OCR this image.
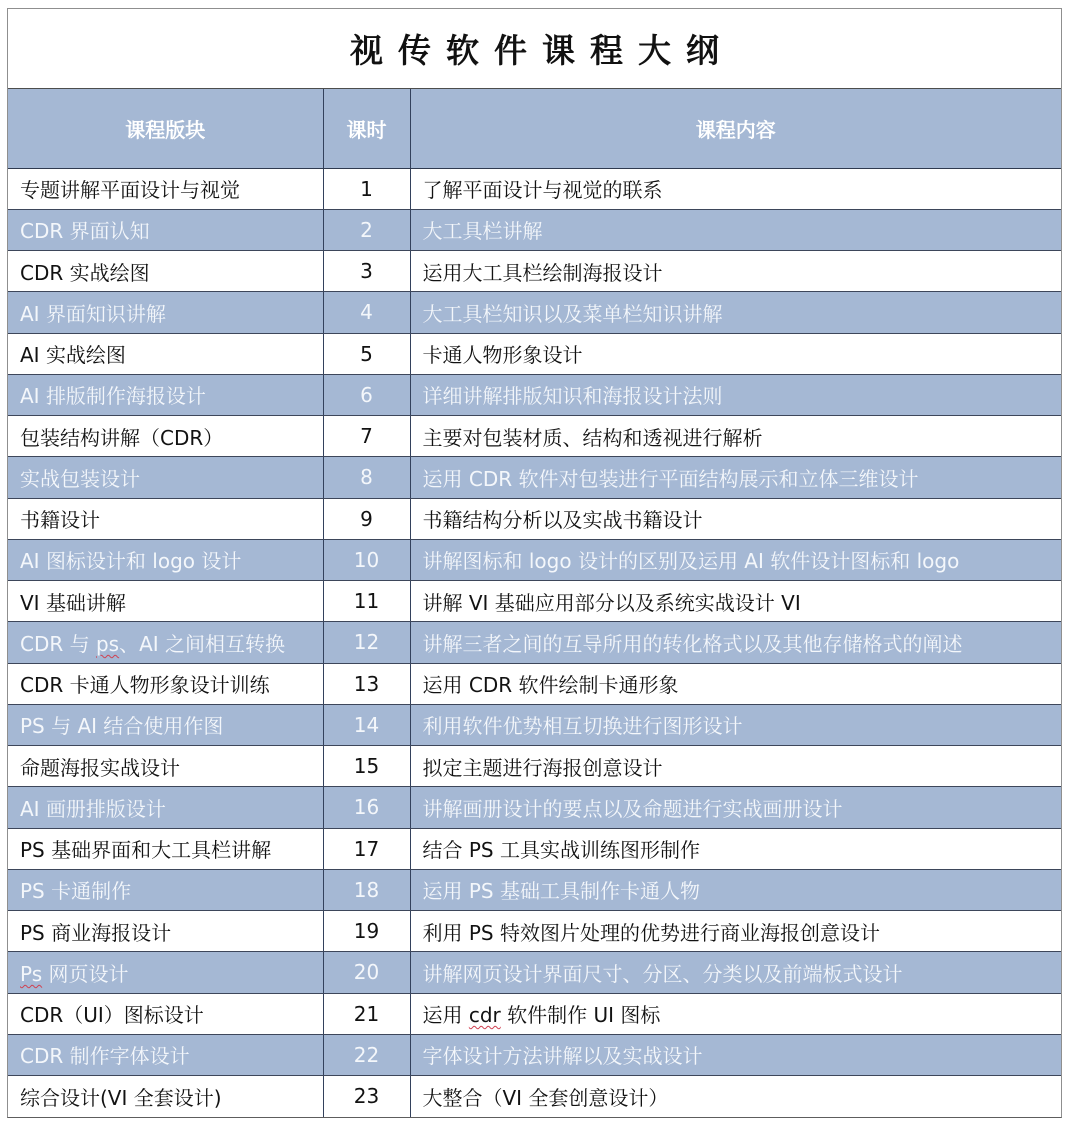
视传软件课程大纲
课程版块	课时	课程内容
专题讲解平面设计与视觉	1	了解平面设计与视觉的联系
CDR 界面认知	2	大工具栏讲解
CDR 实战绘图	3	运用大工具栏绘制海报设计
AI 界面知识讲解	4	大工具栏知识以及菜单栏知识讲解
AI 实战绘图	5	卡通人物形象设计
AI 排版制作海报设计	6	详细讲解排版知识和海报设计法则
包装结构讲解（CDR）	7	主要对包装材质、结构和透视进行解析
实战包装设计	8	运用 CDR 软件对包装进行平面结构展示和立体三维设计
书籍设计	9	书籍结构分析以及实战书籍设计
AI 图标设计和 logo 设计	10	讲解图标和 logo 设计的区别及运用 AI 软件设计图标和 logo
VI 基础讲解	11	讲解 VI 基础应用部分以及系统实战设计 VI
CDR 与 ps、AI 之间相互转换	12	讲解三者之间的互导所用的转化格式以及其他存储格式的阐述
CDR 卡通人物形象设计训练	13	运用 CDR 软件绘制卡通形象
PS 与 AI 结合使用作图	14	利用软件优势相互切换进行图形设计
命题海报实战设计	15	拟定主题进行海报创意设计
AI 画册排版设计	16	讲解画册设计的要点以及命题进行实战画册设计
PS 基础界面和大工具栏讲解	17	结合 PS 工具实战训练图形制作
PS 卡通制作	18	运用 PS 基础工具制作卡通人物
PS 商业海报设计	19	利用 PS 特效图片处理的优势进行商业海报创意设计
Ps 网页设计	20	讲解网页设计界面尺寸、分区、分类以及前端板式设计
CDR（UI）图标设计	21	运用 cdr 软件制作 UI 图标
CDR 制作字体设计	22	字体设计方法讲解以及实战设计
综合设计(VI 全套设计)	23	大整合（VI 全套创意设计）
